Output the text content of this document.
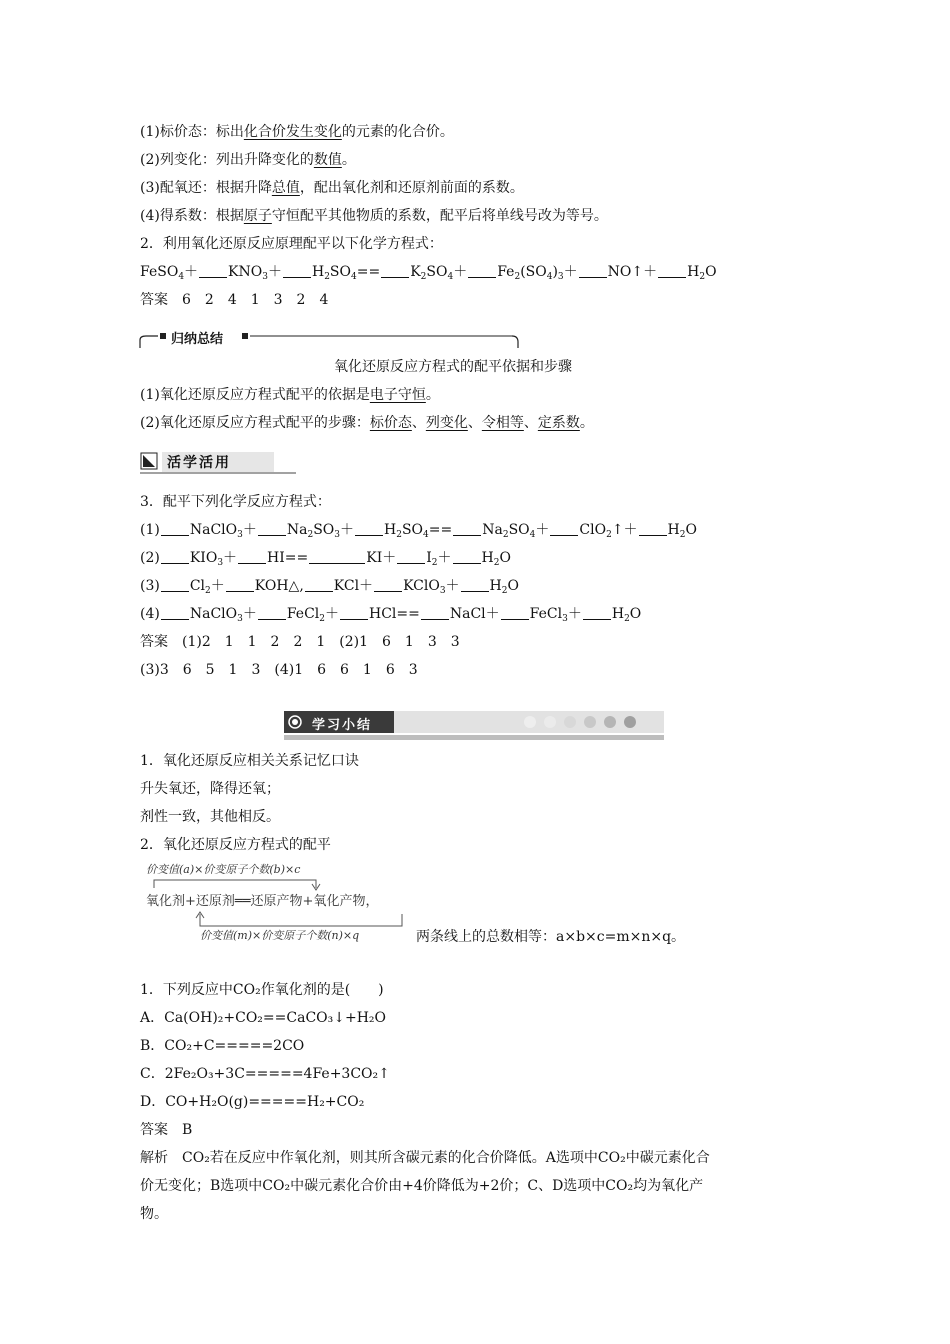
(1)标价态：标出化合价发生变化的元素的化合价。
(2)列变化：列出升降变化的数值。
(3)配氧还：根据升降总值，配出氧化剂和还原剂前面的系数。
(4)得系数：根据原子守恒配平其他物质的系数，配平后将单线号改为等号。
2．利用氧化还原反应原理配平以下化学方程式：
FeSO$_4$＋ $KNO_3+ H_2SO_4== K_2SO_4+ Fe_2(SO_4)_3+$ NO↑＋ $H_2O$
答案　6　2　4　1　3　2　4
归纳总结
氧化还原反应方程式的配平依据和步骤
(1)氧化还原反应方程式配平的依据是电子守恒。
(2)氧化还原反应方程式配平的步骤：标价态、列变化、令相等、定系数。
活学活用
3．配平下列化学反应方程式：
(1) NaClO$_3$＋ $Na_2SO_3+ H_2SO_4== Na_2SO_4+$ ClO$_2$↑＋ $H_2O$
(2) $KIO_3+ HI==$	$KI+ I_2+ H_2O$
(3) $Cl_2+$ KOH△, KCl＋ KClO$_3$＋ $H_2O$
(4) NaClO$_3$＋ FeCl$_2$＋ HCl== NaCl＋ FeCl$_3$＋ $H_2O$
答案　(1)2　1　1　2　2　1　(2)1　6　1　3　3
(3)3　6　5　1　3　(4)1　6　6　1　6　3
学习小结
1．氧化还原反应相关关系记忆口诀
升失氧还，降得还氧；
剂性一致，其他相反。
2．氧化还原反应方程式的配平
价变值(a)×价变原子个数(b)×c
氧化剂+还原剂══还原产物+氧化产物，
价变值(m)×价变原子个数(n)×q	两条线上的总数相等：a×b×c=m×n×q。
1．下列反应中CO₂作氧化剂的是(　　)
A．Ca(OH)₂+CO₂==CaCO₃↓+H₂O
B．CO₂+C=====2CO
C．2Fe₂O₃+3C=====4Fe+3CO₂↑
D．CO+H₂O(g)=====H₂+CO₂
答案　B
解析　CO₂若在反应中作氧化剂，则其所含碳元素的化合价降低。A选项中CO₂中碳元素化合
价无变化；B选项中CO₂中碳元素化合价由+4价降低为+2价；C、D选项中CO₂均为氧化产
物。
